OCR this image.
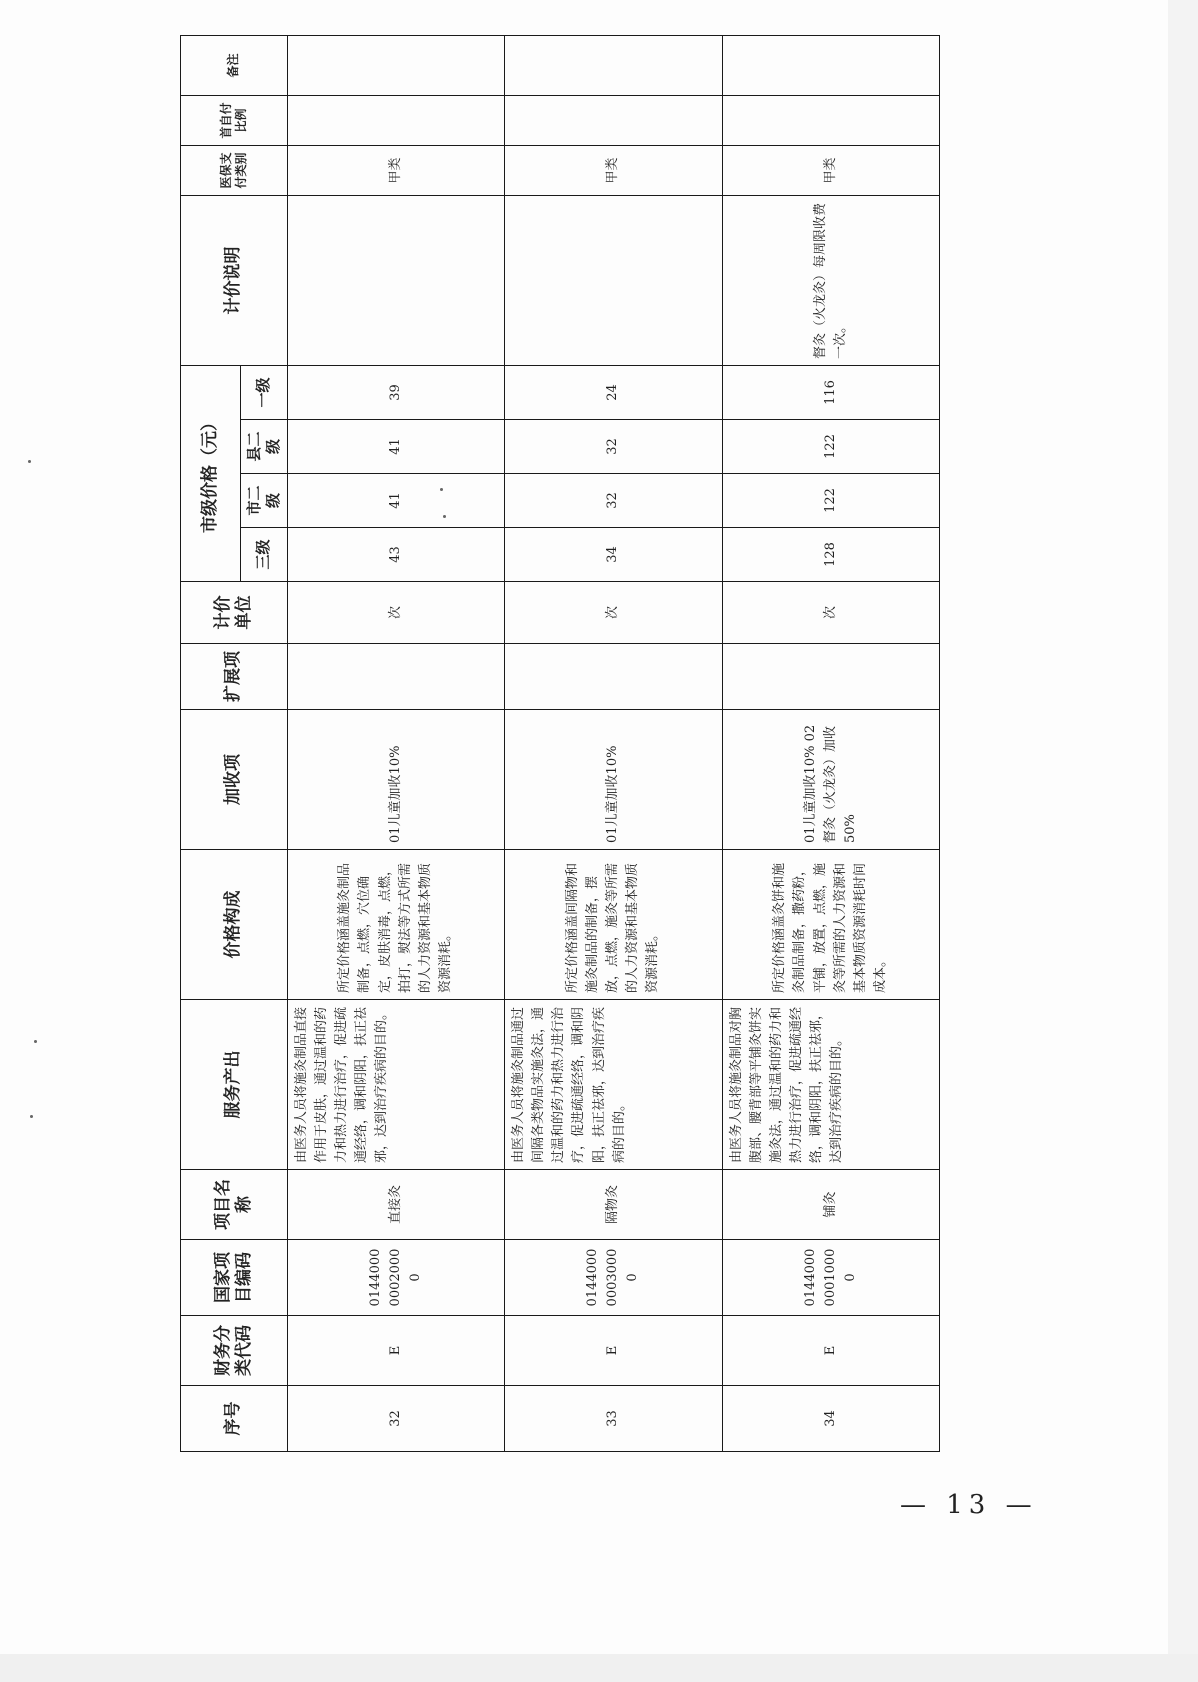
序号	财务分类代码	国家项目编码	项目名称	服务产出	价格构成	加收项	扩展项	计价单位	市级价格（元）				计价说明	医保支付类别	首自付比例	备注
									三级	市二级	县二级	一级				
32	E	014400000020000	直接灸	由医务人员将施灸制品直接作用于皮肤，通过温和的药力和热力进行治疗，促进疏通经络，调和阴阳，扶正祛邪，达到治疗疾病的目的。	所定价格涵盖施灸制品制备，点燃，穴位确定，皮肤消毒，点燃，拍打，熨法等方式所需的人力资源和基本物质资源消耗。	01儿童加收10%		次	43	41	41	39		甲类		
33	E	014400000030000	隔物灸	由医务人员将施灸制品通过间隔各类物品实施灸法，通过温和的药力和热力进行治疗，促进疏通经络，调和阴阳，扶正祛邪，达到治疗疾病的目的。	所定价格涵盖间隔物和施灸制品的制备，摆放，点燃，施灸等所需的人力资源和基本物质资源消耗。	01儿童加收10%		次	34	32	32	24		甲类		
34	E	014400000010000	铺灸	由医务人员将施灸制品对胸腹部、腰背部等平铺灸饼实施灸法，通过温和的药力和热力进行治疗，促进疏通经络，调和阴阳，扶正祛邪，达到治疗疾病的目的。	所定价格涵盖灸饼和施灸制品制备，撒药粉，平铺，放置，点燃，施灸等所需的人力资源和基本物质资源消耗时间成本。	01儿童加收10% 02督灸（火龙灸）加收50%		次	128	122	122	116	督灸（火龙灸）每周限收费一次。	甲类		
— 13 —
